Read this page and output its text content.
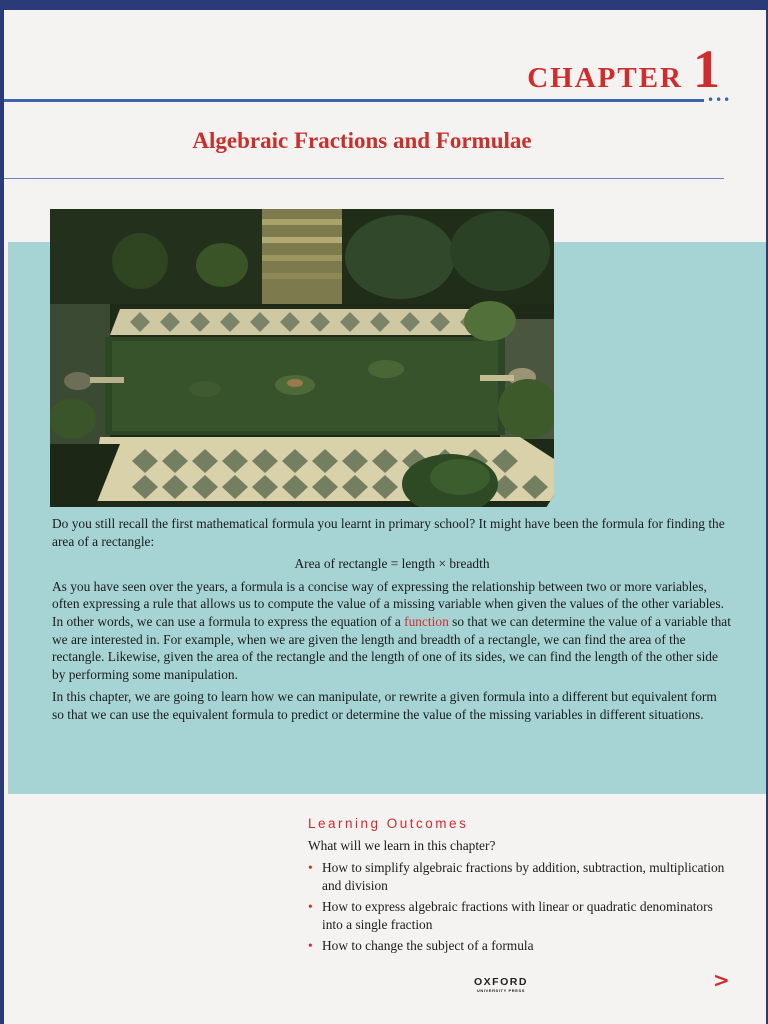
CHAPTER 1
•••
Algebraic Fractions and Formulae

Do you still recall the first mathematical formula you learnt in primary school? It might have been the formula for finding the area of a rectangle:

Area of rectangle = length × breadth

As you have seen over the years, a formula is a concise way of expressing the relationship between two or more variables, often expressing a rule that allows us to compute the value of a missing variable when given the values of the other variables. In other words, we can use a formula to express the equation of a function so that we can determine the value of a variable that we are interested in. For example, when we are given the length and breadth of a rectangle, we can find the area of the rectangle. Likewise, given the area of the rectangle and the length of one of its sides, we can find the length of the other side by performing some manipulation.

In this chapter, we are going to learn how we can manipulate, or rewrite a given formula into a different but equivalent form so that we can use the equivalent formula to predict or determine the value of the missing variables in different situations.

Learning Outcomes
What will we learn in this chapter?
• How to simplify algebraic fractions by addition, subtraction, multiplication and division
• How to express algebraic fractions with linear or quadratic denominators into a single fraction
• How to change the subject of a formula
OXFORD
UNIVERSITY PRESS	>
